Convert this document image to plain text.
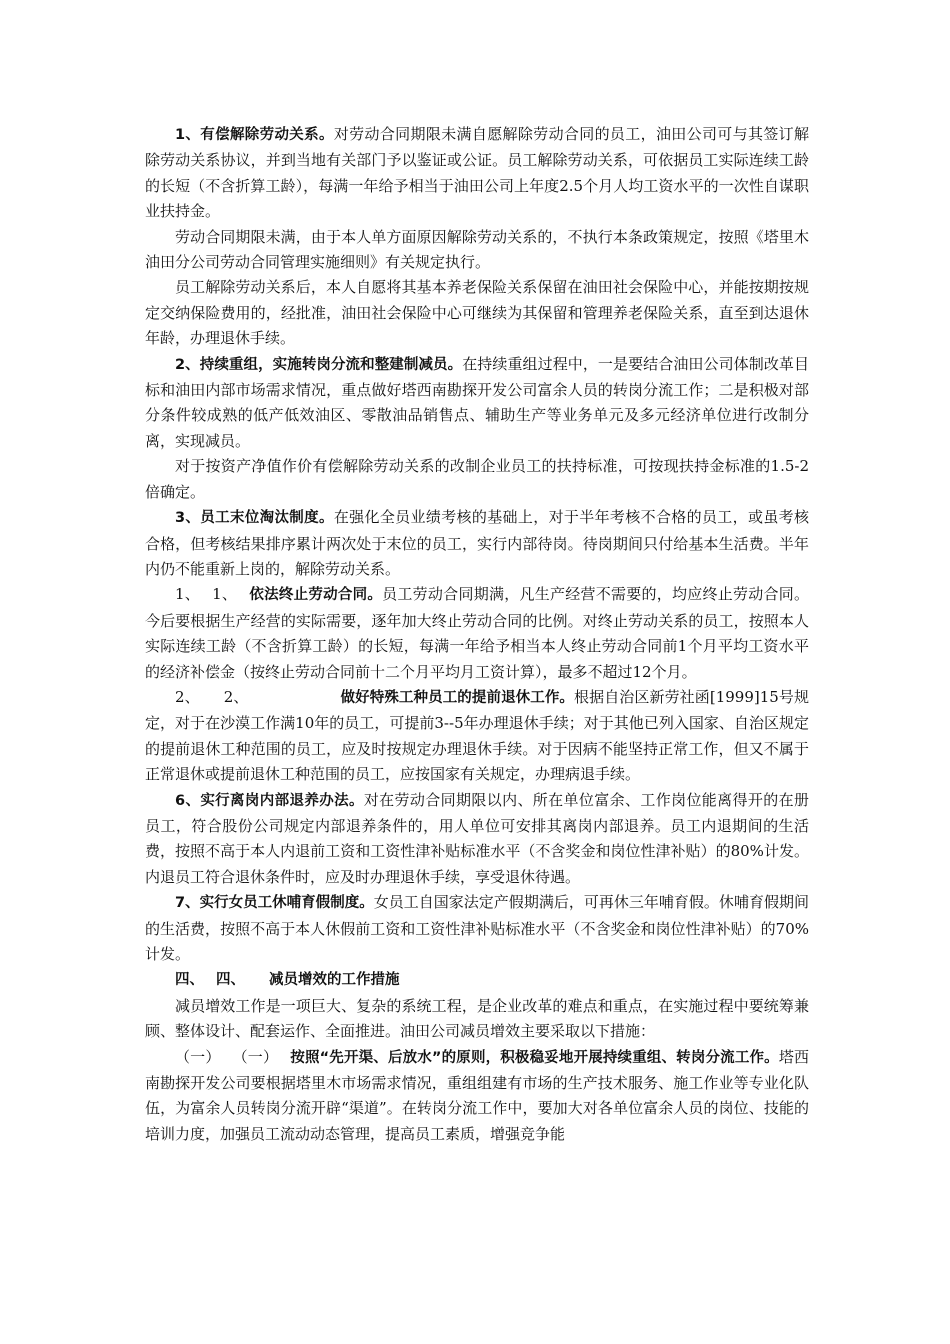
1、有偿解除劳动关系。对劳动合同期限未满自愿解除劳动合同的员工，油田公司可与其签订解除劳动关系协议，并到当地有关部门予以鉴证或公证。员工解除劳动关系，可依据员工实际连续工龄的长短（不含折算工龄），每满一年给予相当于油田公司上年度2.5个月人均工资水平的一次性自谋职业扶持金。

劳动合同期限未满，由于本人单方面原因解除劳动关系的，不执行本条政策规定，按照《塔里木油田分公司劳动合同管理实施细则》有关规定执行。

员工解除劳动关系后，本人自愿将其基本养老保险关系保留在油田社会保险中心，并能按期按规定交纳保险费用的，经批准，油田社会保险中心可继续为其保留和管理养老保险关系，直至到达退休年龄，办理退休手续。

2、持续重组，实施转岗分流和整建制减员。在持续重组过程中，一是要结合油田公司体制改革目标和油田内部市场需求情况，重点做好塔西南勘探开发公司富余人员的转岗分流工作；二是积极对部分条件较成熟的低产低效油区、零散油品销售点、辅助生产等业务单元及多元经济单位进行改制分离，实现减员。

对于按资产净值作价有偿解除劳动关系的改制企业员工的扶持标准，可按现扶持金标准的1.5-2倍确定。

3、员工末位淘汰制度。在强化全员业绩考核的基础上，对于半年考核不合格的员工，或虽考核合格，但考核结果排序累计两次处于末位的员工，实行内部待岗。待岗期间只付给基本生活费。半年内仍不能重新上岗的，解除劳动关系。

1、 1、 依法终止劳动合同。员工劳动合同期满，凡生产经营不需要的，均应终止劳动合同。今后要根据生产经营的实际需要，逐年加大终止劳动合同的比例。对终止劳动关系的员工，按照本人实际连续工龄（不含折算工龄）的长短，每满一年给予相当本人终止劳动合同前1个月平均工资水平的经济补偿金（按终止劳动合同前十二个月平均月工资计算），最多不超过12个月。

2、 2、	做好特殊工种员工的提前退休工作。根据自治区新劳社函[1999]15号规定，对于在沙漠工作满10年的员工，可提前3--5年办理退休手续；对于其他已列入国家、自治区规定的提前退休工种范围的员工，应及时按规定办理退休手续。对于因病不能坚持正常工作，但又不属于正常退休或提前退休工种范围的员工，应按国家有关规定，办理病退手续。

6、实行离岗内部退养办法。对在劳动合同期限以内、所在单位富余、工作岗位能离得开的在册员工，符合股份公司规定内部退养条件的，用人单位可安排其离岗内部退养。员工内退期间的生活费，按照不高于本人内退前工资和工资性津补贴标准水平（不含奖金和岗位性津补贴）的80%计发。内退员工符合退休条件时，应及时办理退休手续，享受退休待遇。

7、实行女员工休哺育假制度。女员工自国家法定产假期满后，可再休三年哺育假。休哺育假期间的生活费，按照不高于本人休假前工资和工资性津补贴标准水平（不含奖金和岗位性津补贴）的70%计发。

四、 四、 减员增效的工作措施

减员增效工作是一项巨大、复杂的系统工程，是企业改革的难点和重点，在实施过程中要统筹兼顾、整体设计、配套运作、全面推进。油田公司减员增效主要采取以下措施：

（一） （一） 按照“先开渠、后放水”的原则，积极稳妥地开展持续重组、转岗分流工作。塔西南勘探开发公司要根据塔里木市场需求情况，重组组建有市场的生产技术服务、施工作业等专业化队伍，为富余人员转岗分流开辟“渠道”。在转岗分流工作中，要加大对各单位富余人员的岗位、技能的培训力度，加强员工流动动态管理，提高员工素质，增强竞争能
